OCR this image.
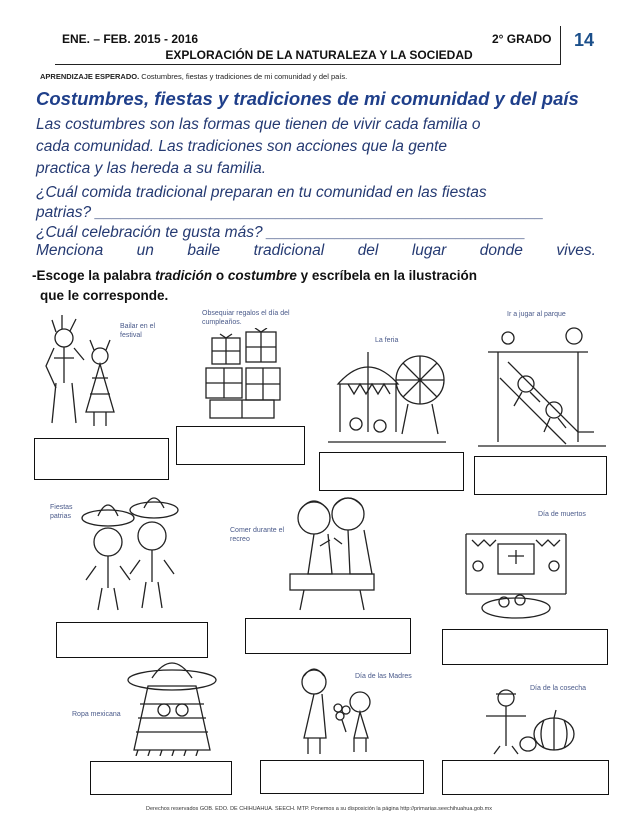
ENE. – FEB. 2015 - 2016	2° GRADO
EXPLORACIÓN DE LA NATURALEZA Y LA SOCIEDAD
14
APRENDIZAJE ESPERADO. Costumbres, fiestas y tradiciones de mi comunidad y del país.
Costumbres, fiestas y tradiciones de mi comunidad y del país
Las costumbres son las formas que tienen de vivir cada familia o
cada comunidad. Las tradiciones son acciones que la gente
practica y las hereda a su familia.
¿Cuál comida tradicional preparan en tu comunidad en las fiestas
patrias? ____________________________________________________
¿Cuál celebración te gusta más? ______________________________
Menciona un baile tradicional del lugar donde vives.
-Escoge la palabra tradición o costumbre y escríbela en la ilustración
que le corresponde.
Bailar en el festival
Obsequiar regalos el día del cumpleaños.
La feria
Ir a jugar al parque
Fiestas patrias
Comer durante el recreo
Día de muertos
Ropa mexicana
Día de las Madres
Día de la cosecha
Derechos reservados GOB. EDO. DE CHIHUAHUA. SEECH. MTP. Ponemos a su disposición la página http://primarias.seechihuahua.gob.mx
